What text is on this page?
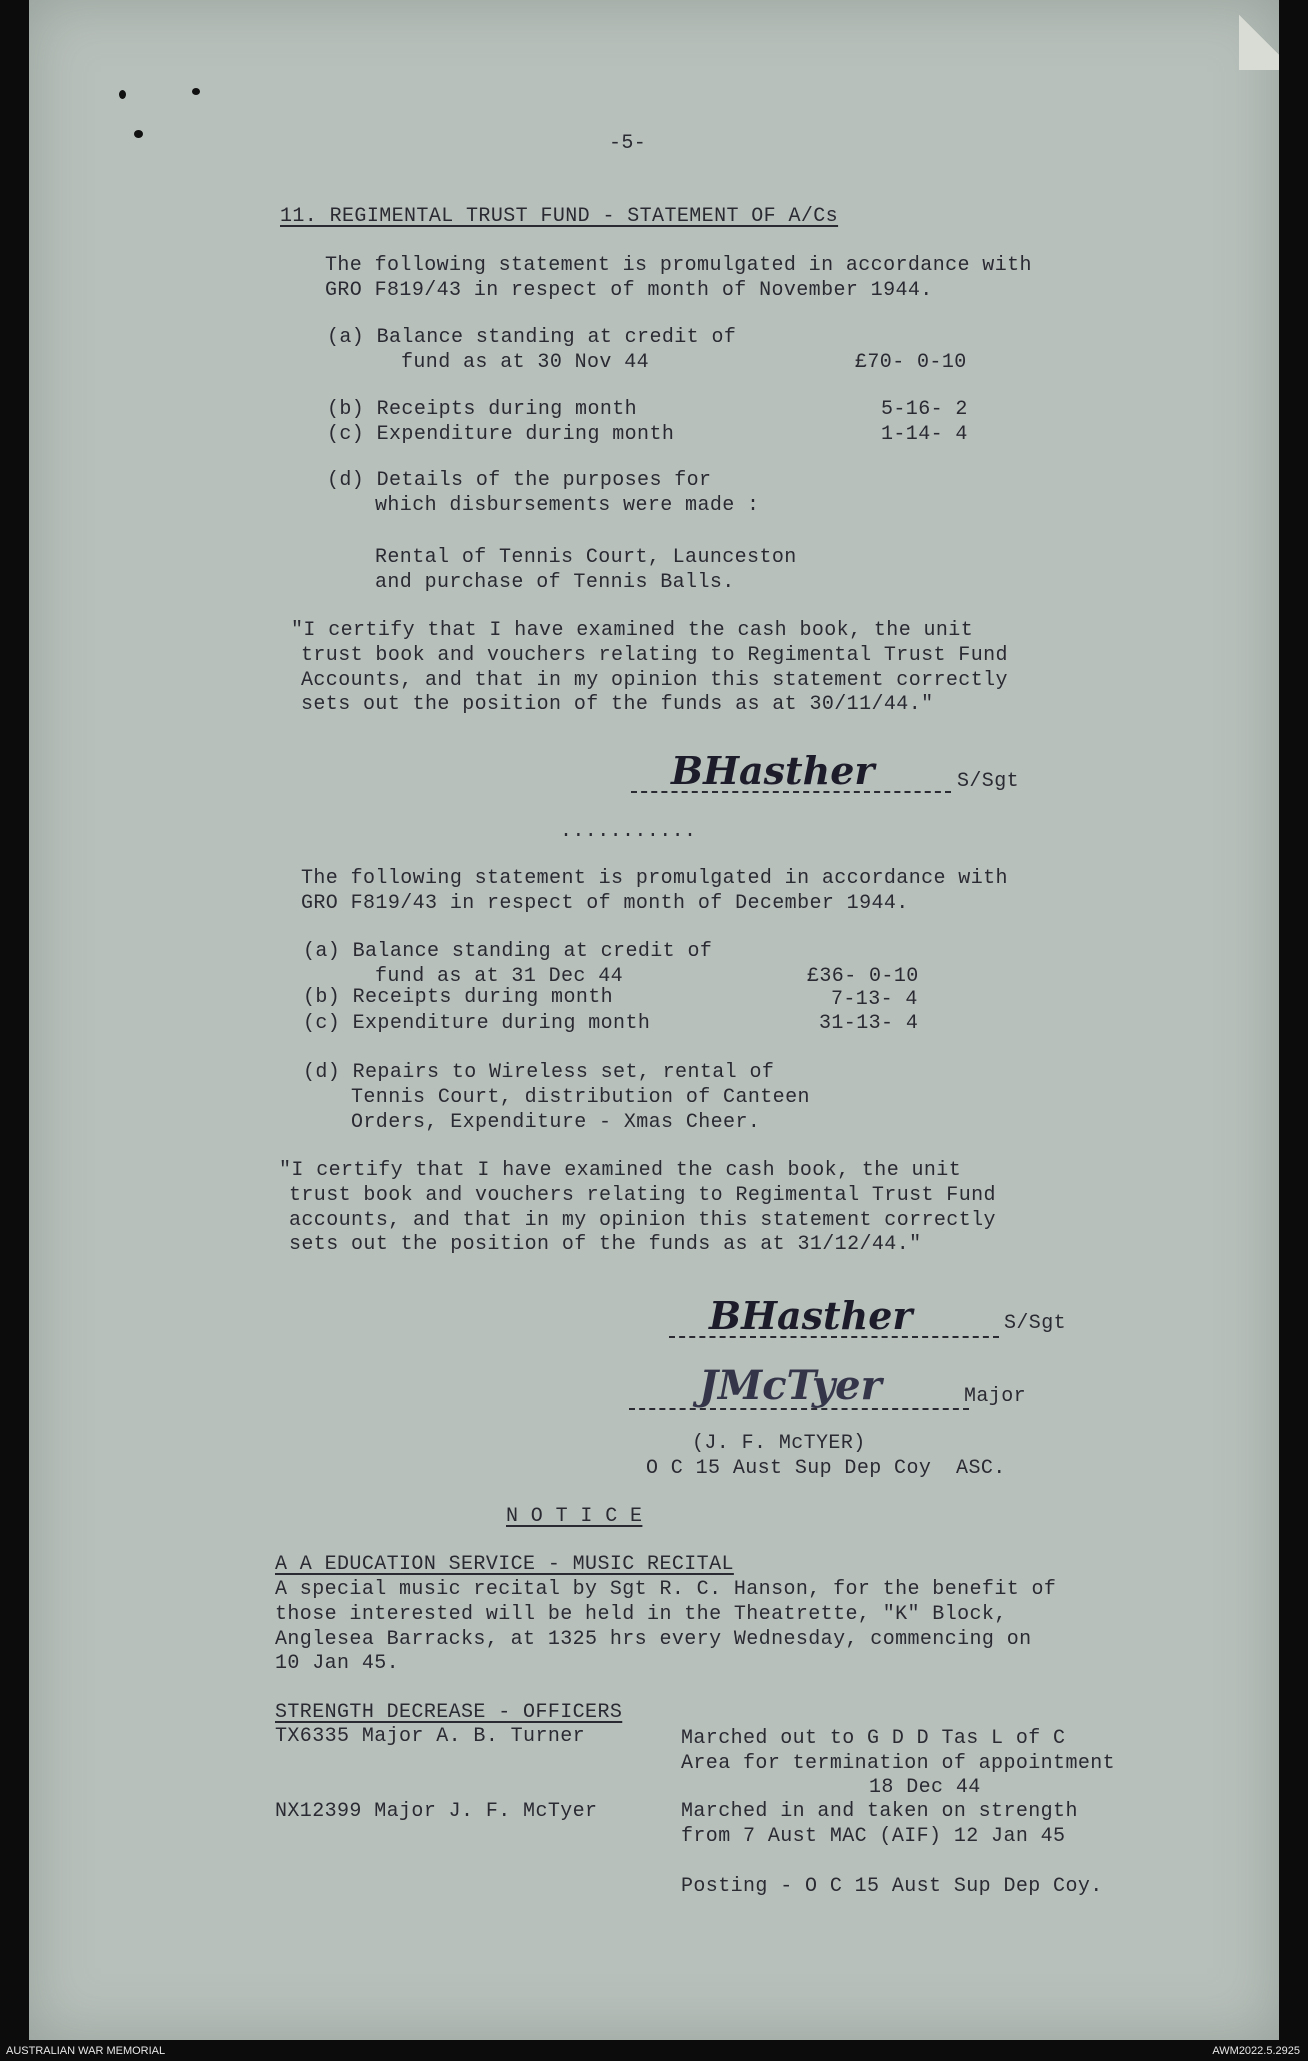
-5-
11. REGIMENTAL TRUST FUND - STATEMENT OF A/Cs
The following statement is promulgated in accordance with
GRO F819/43 in respect of month of November 1944.
(a) Balance standing at credit of
fund as at 30 Nov 44	£70- 0-10
(b) Receipts during month	5-16- 2
(c) Expenditure during month	1-14- 4
(d) Details of the purposes for
which disbursements were made :
Rental of Tennis Court, Launceston
and purchase of Tennis Balls.
"I certify that I have examined the cash book, the unit
trust book and vouchers relating to Regimental Trust Fund
Accounts, and that in my opinion this statement correctly
sets out the position of the funds as at 30/11/44."
BHasther	S/Sgt
...........
The following statement is promulgated in accordance with
GRO F819/43 in respect of month of December 1944.
(a) Balance standing at credit of
fund as at 31 Dec 44	£36- 0-10
(b) Receipts during month	7-13- 4
(c) Expenditure during month	31-13- 4
(d) Repairs to Wireless set, rental of
Tennis Court, distribution of Canteen
Orders, Expenditure - Xmas Cheer.
"I certify that I have examined the cash book, the unit
trust book and vouchers relating to Regimental Trust Fund
accounts, and that in my opinion this statement correctly
sets out the position of the funds as at 31/12/44."
BHasther	S/Sgt
JMcTyer	Major
(J. F. McTYER)
O C 15 Aust Sup Dep Coy  ASC.
N O T I C E
A A EDUCATION SERVICE - MUSIC RECITAL
A special music recital by Sgt R. C. Hanson, for the benefit of
those interested will be held in the Theatrette, "K" Block,
Anglesea Barracks, at 1325 hrs every Wednesday, commencing on
10 Jan 45.
STRENGTH DECREASE - OFFICERS
TX6335 Major A. B. Turner	Marched out to G D D Tas L of C
Area for termination of appointment
18 Dec 44
NX12399 Major J. F. McTyer	Marched in and taken on strength
from 7 Aust MAC (AIF) 12 Jan 45
Posting - O C 15 Aust Sup Dep Coy.
AUSTRALIAN WAR MEMORIAL	AWM2022.5.2925
